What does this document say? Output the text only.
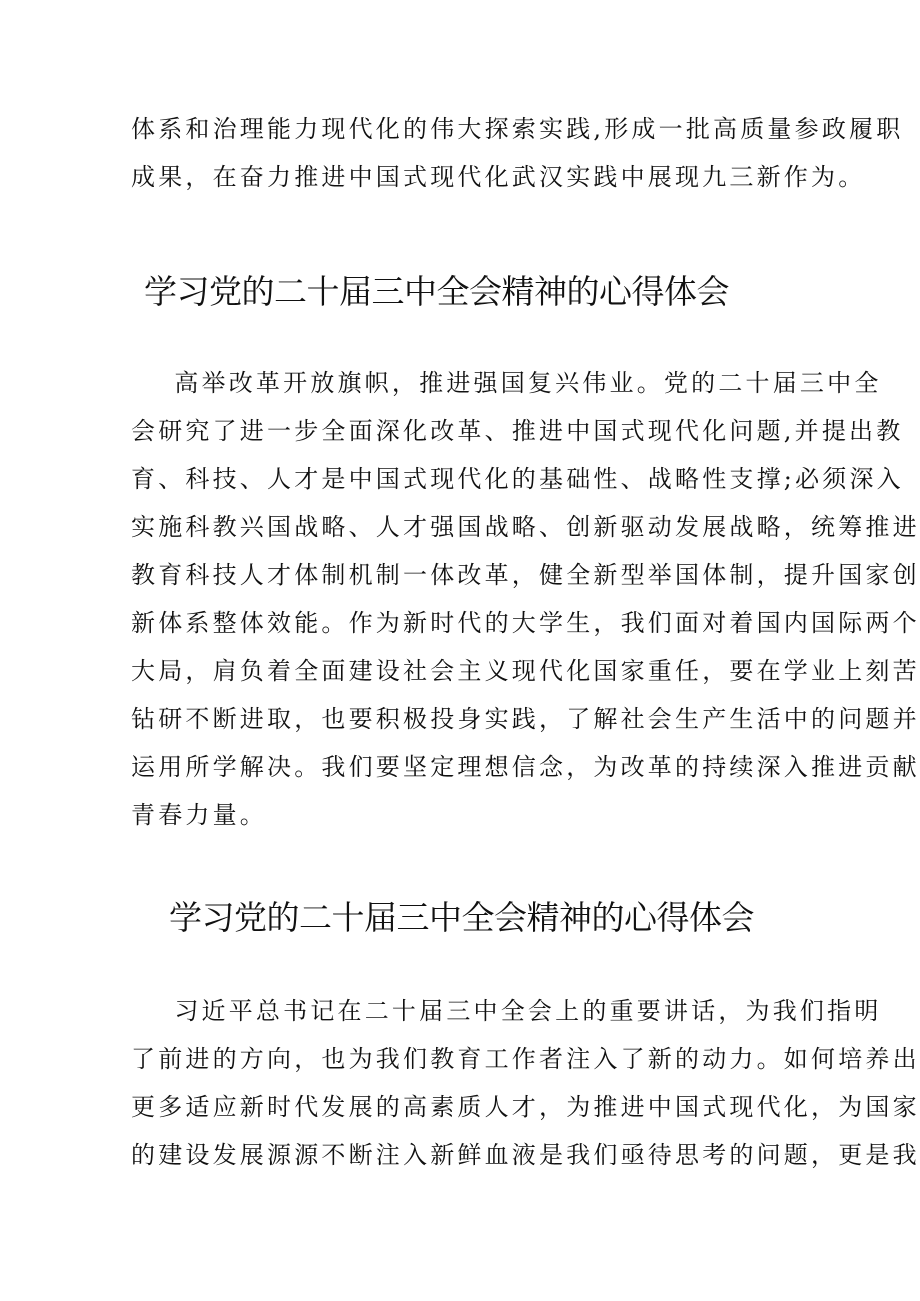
体系和治理能力现代化的伟大探索实践,形成一批高质量参政履职
成果，在奋力推进中国式现代化武汉实践中展现九三新作为。
学习党的二十届三中全会精神的心得体会
高举改革开放旗帜，推进强国复兴伟业。党的二十届三中全
会研究了进一步全面深化改革、推进中国式现代化问题,并提出教
育、科技、人才是中国式现代化的基础性、战略性支撑;必须深入
实施科教兴国战略、人才强国战略、创新驱动发展战略，统筹推进
教育科技人才体制机制一体改革，健全新型举国体制，提升国家创
新体系整体效能。作为新时代的大学生，我们面对着国内国际两个
大局，肩负着全面建设社会主义现代化国家重任，要在学业上刻苦
钻研不断进取，也要积极投身实践，了解社会生产生活中的问题并
运用所学解决。我们要坚定理想信念，为改革的持续深入推进贡献
青春力量。
学习党的二十届三中全会精神的心得体会
习近平总书记在二十届三中全会上的重要讲话，为我们指明
了前进的方向，也为我们教育工作者注入了新的动力。如何培养出
更多适应新时代发展的高素质人才，为推进中国式现代化，为国家
的建设发展源源不断注入新鲜血液是我们亟待思考的问题，更是我
